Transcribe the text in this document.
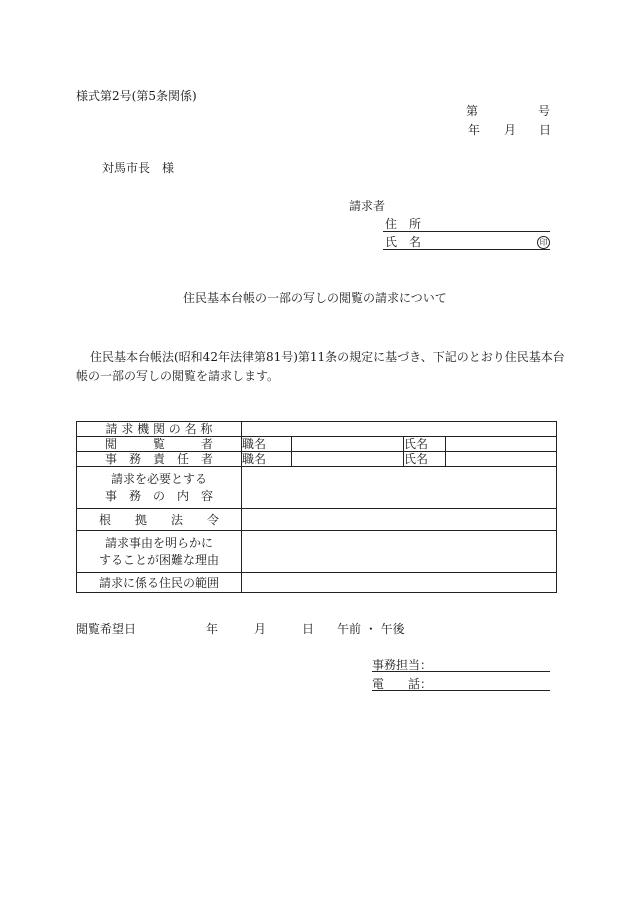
様式第2号(第5条関係)
第	号
年 月 日
対馬市長　様
請求者
住　所
氏　名	印
住民基本台帳の一部の写しの閲覧の請求について
住民基本台帳法(昭和42年法律第81号)第11条の規定に基づき、下記のとおり住民基本台
帳の一部の写しの閲覧を請求します。
請 求 機 関 の 名 称				
閲　　　覧　　　者	職名		氏名	
事　務　責　任　者	職名		氏名	

請求を必要とする
事　務　の　内　容				

根　　拠　　法　　令				

請求事由を明らかに
することが困難な理由				

請求に係る住民の範囲				
閲覧希望日	年	月	日 午前 ・ 午後
事務担当：
電　　話：
